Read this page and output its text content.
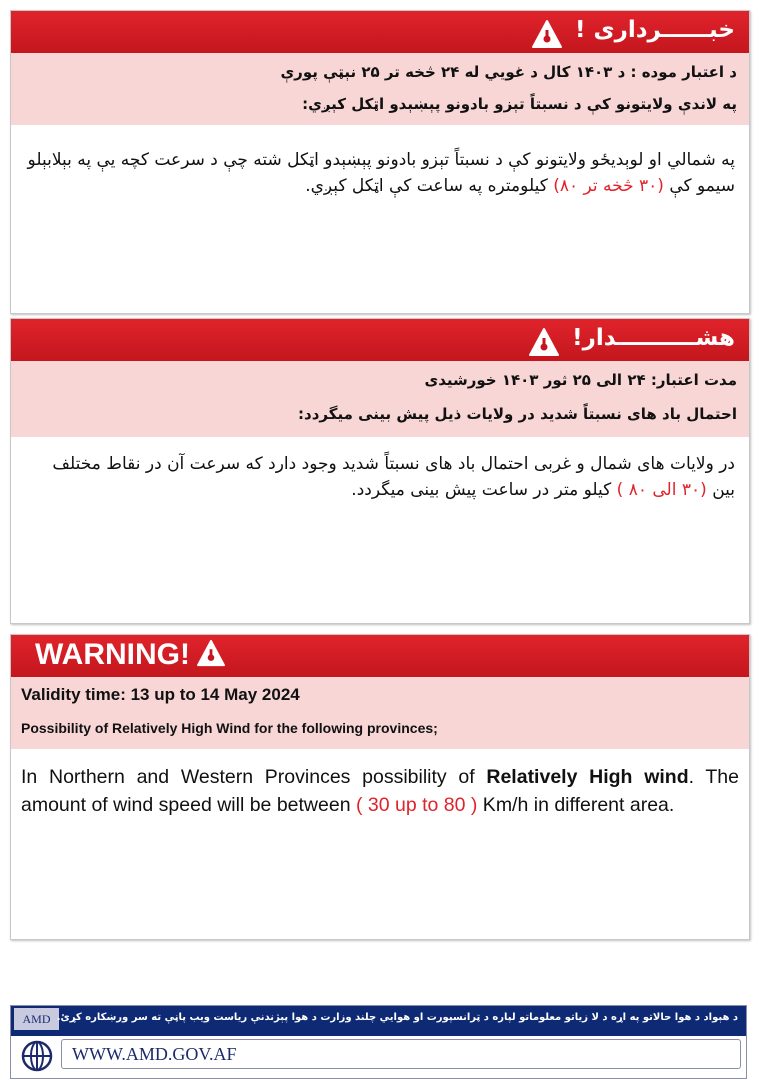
خبــــــرداری !
د اعتبار موده : د ۱۴۰۳ کال د غويي له ۲۴ څخه تر ۲۵ نېټې پورې
په لاندې ولایتونو کې د نسبتاً تېزو بادونو پېښېدو اټکل کېږي:
په شمالي او لوېدیځو ولایتونو کې د نسبتاً تېزو بادونو پېښېدو اټکل شته چې د سرعت کچه يې په بېلابېلو سيمو کې (۳۰ څخه تر ۸۰) کیلومتره په ساعت کې اټکل کېږي.
هشــــــــــدار!
مدت اعتبار: ۲۴ الی ۲۵ ثور ۱۴۰۳ خورشیدی
احتمال باد های نسبتاً شدید در ولایات ذیل پیش بینی میگردد:
در ولایات های شمال و غربی احتمال باد های نسبتاً شدید وجود دارد که سرعت آن در نقاط مختلف بین (۳۰ الی ۸۰ ) کیلو متر در ساعت پیش بینی میگردد.
WARNING!
Validity time: 13 up to 14 May 2024
Possibility of Relatively High Wind for the following provinces;
In Northern and Western Provinces possibility of Relatively High wind. The amount of wind speed will be between ( 30 up to 80 ) Km/h in different area.
AMD د هېواد د هوا حالاتو په اړه د لا زياتو معلوماتو لپاره د ټرانسپورت او هوايي چلند وزارت د هوا پېژندنې رياست ويب پاڼې ته سر ورښکاره کړئ.
WWW.AMD.GOV.AF
